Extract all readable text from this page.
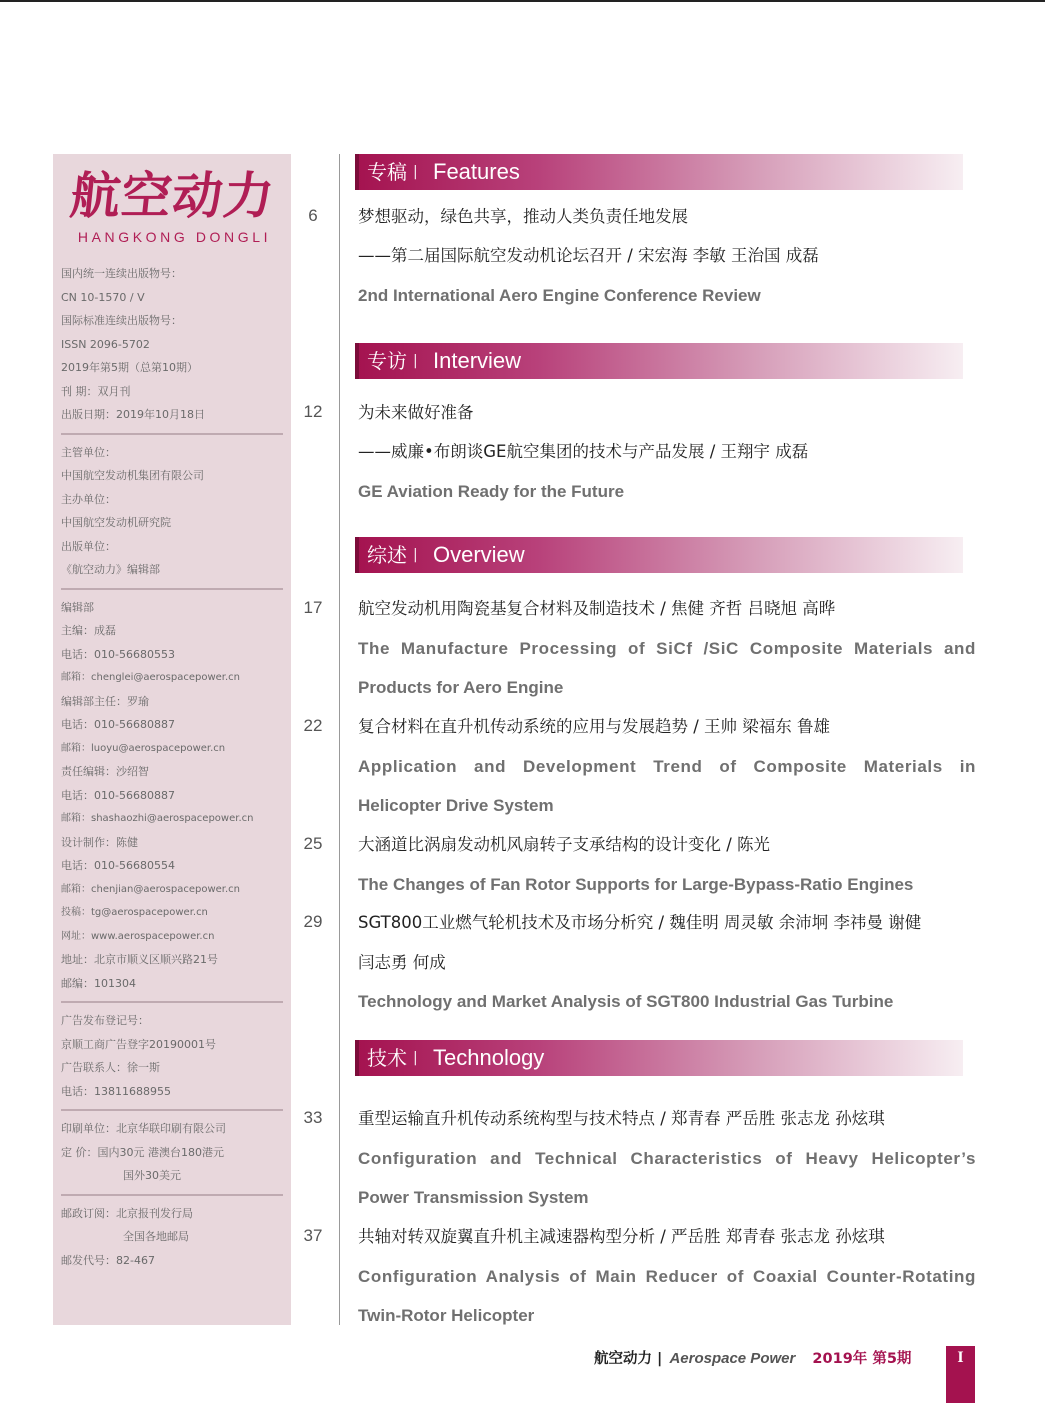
航空动力
HANGKONG DONGLI
国内统一连续出版物号：
CN 10-1570 / V
国际标准连续出版物号：
ISSN 2096-5702
2019年第5期（总第10期）
刊 期：双月刊
出版日期：2019年10月18日
主管单位：
中国航空发动机集团有限公司
主办单位：
中国航空发动机研究院
出版单位：
《航空动力》编辑部
编辑部
主编：成磊
电话：010-56680553
邮箱：chenglei@aerospacepower.cn
编辑部主任：罗瑜
电话：010-56680887
邮箱：luoyu@aerospacepower.cn
责任编辑：沙绍智
电话：010-56680887
邮箱：shashaozhi@aerospacepower.cn
设计制作：陈健
电话：010-56680554
邮箱：chenjian@aerospacepower.cn
投稿：tg@aerospacepower.cn
网址：www.aerospacepower.cn
地址：北京市顺义区顺兴路21号
邮编：101304
广告发布登记号：
京顺工商广告登字20190001号
广告联系人：徐一斯
电话：13811688955
印刷单位：北京华联印刷有限公司
定 价：国内30元 港澳台180港元
国外30美元
邮政订阅：北京报刊发行局
全国各地邮局
邮发代号：82-467
专稿 | Features
6	梦想驱动，绿色共享，推动人类负责任地发展
——第二届国际航空发动机论坛召开 / 宋宏海 李敏 王治国 成磊
2nd International Aero Engine Conference Review
专访 | Interview
12	为未来做好准备
——威廉•布朗谈GE航空集团的技术与产品发展 / 王翔宇 成磊
GE Aviation Ready for the Future
综述 | Overview
17	航空发动机用陶瓷基复合材料及制造技术 / 焦健 齐哲 吕晓旭 高晔
The Manufacture Processing of SiCf /SiC Composite Materials and
Products for Aero Engine
22	复合材料在直升机传动系统的应用与发展趋势 / 王帅 梁福东 鲁雄
Application and Development Trend of Composite Materials in
Helicopter Drive System
25	大涵道比涡扇发动机风扇转子支承结构的设计变化 / 陈光
The Changes of Fan Rotor Supports for Large-Bypass-Ratio Engines
29	SGT800工业燃气轮机技术及市场分析究 / 魏佳明 周灵敏 余沛坰 李祎曼 谢健
闫志勇 何成
Technology and Market Analysis of SGT800 Industrial Gas Turbine
技术 | Technology
33	重型运输直升机传动系统构型与技术特点 / 郑青春 严岳胜 张志龙 孙炫琪
Configuration and Technical Characteristics of Heavy Helicopter’s
Power Transmission System
37	共轴对转双旋翼直升机主减速器构型分析 / 严岳胜 郑青春 张志龙 孙炫琪
Configuration Analysis of Main Reducer of Coaxial Counter-Rotating
Twin-Rotor Helicopter
航空动力 | Aerospace Power 2019年 第5期	I
